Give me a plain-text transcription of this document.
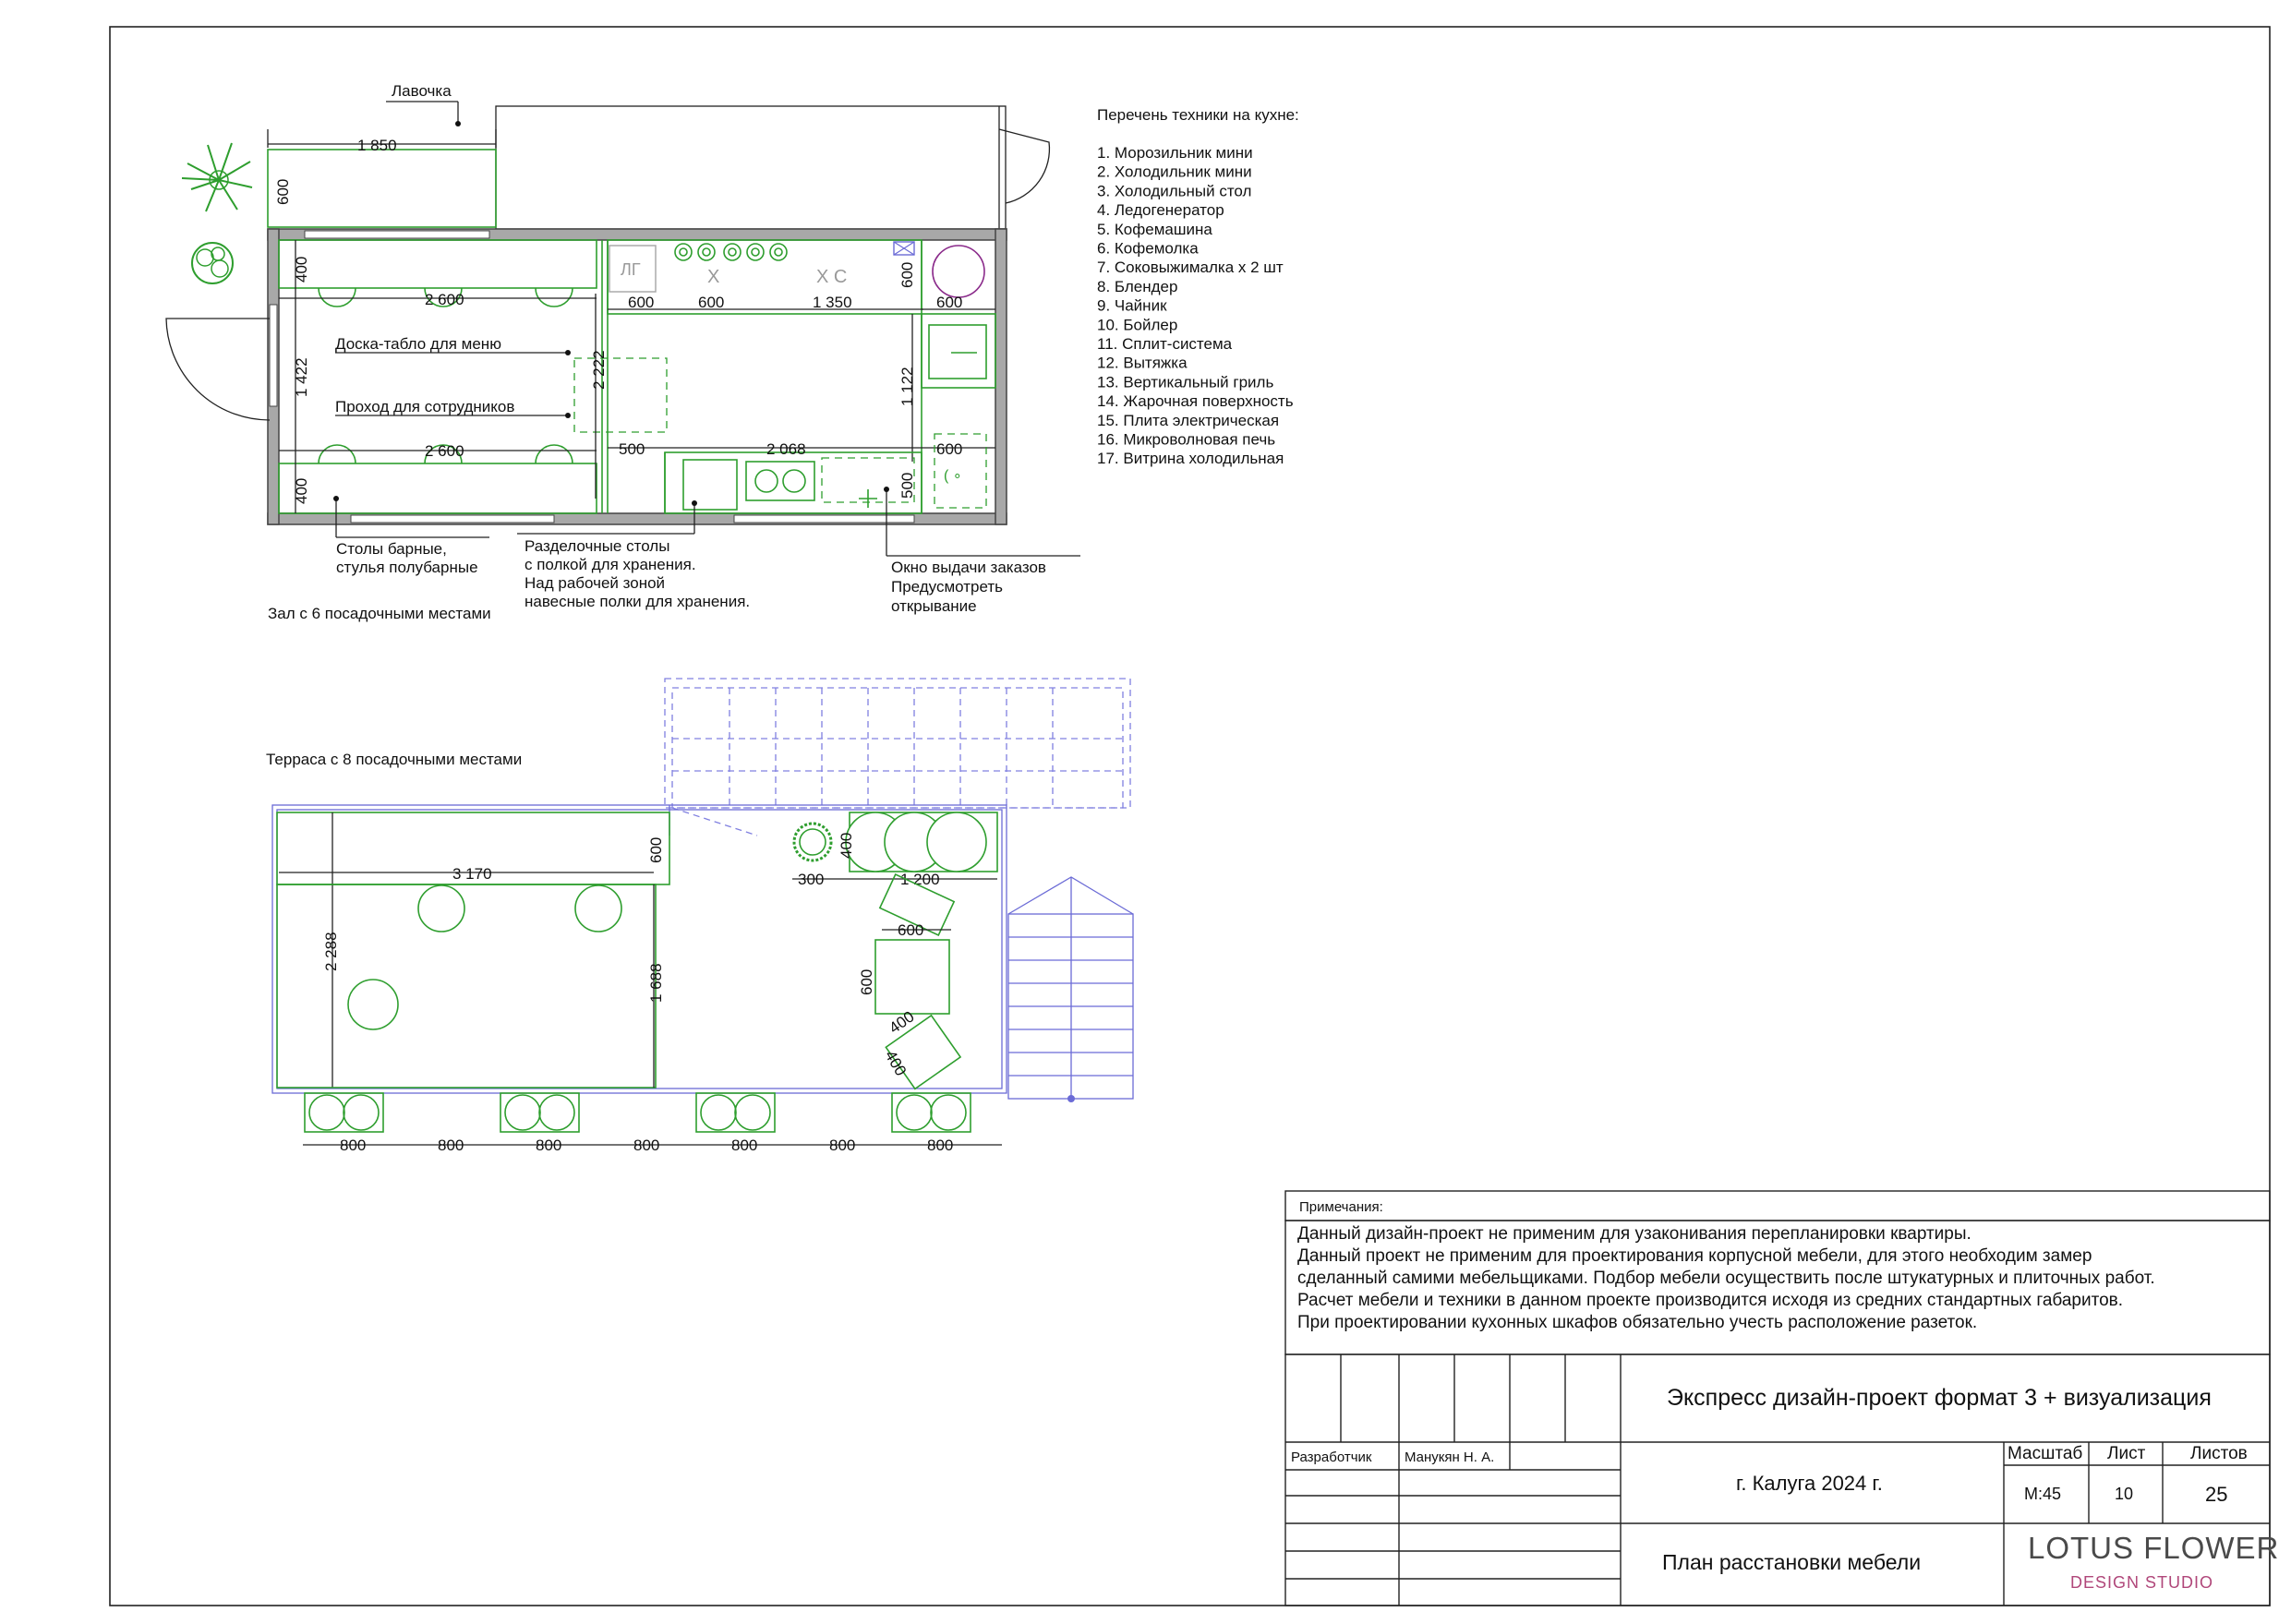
1 850
600
Лавочка
2 600
400
1 422
400
2 600
Доска-табло для меню
Проход для сотрудников
2 222
ЛГ	Х	Х С
600	600	1 350
600
600
1 122
500	2 068	600
500 ( ∘
Столы барные,
стулья полубарные
Зал с 6 посадочными местами
Разделочные столы
с полкой для хранения.
Над рабочей зоной
навесные полки для хранения.
Окно выдачи заказов
Предусмотреть
открывание
Перечень техники на кухне:
1. Морозильник мини
2. Холодильник мини
3. Холодильный стол
4. Ледогенератор
5. Кофемашина
6. Кофемолка
7. Соковыжималка х 2 шт
8. Блендер
9. Чайник
10. Бойлер
11. Сплит-система
12. Вытяжка
13. Вертикальный гриль
14. Жарочная поверхность
15. Плита электрическая
16. Микроволновая печь
17. Витрина холодильная
Терраса с 8 посадочными местами
3 170
600
2 288
1 688
400
300	1 200
600
600
400
400
800	800	800	800	800	800	800
Примечания:
Данный дизайн-проект не применим для узаконивания перепланировки квартиры.
Данный проект не применим для проектирования корпусной мебели, для этого необходим замер
сделанный самими мебельщиками. Подбор мебели осуществить после штукатурных и плиточных работ.
Расчет мебели и техники в данном проекте производится исходя из средних стандартных габаритов.
При проектировании кухонных шкафов обязательно учесть расположение разеток.
Разработчик Манукян Н. А.
Экспресс дизайн-проект формат 3 + визуализация
г. Калуга 2024 г.
Масштаб Лист	Листов
М:45	10	25
План расстановки мебели	LOTUS FLOWER
DESIGN STUDIO
